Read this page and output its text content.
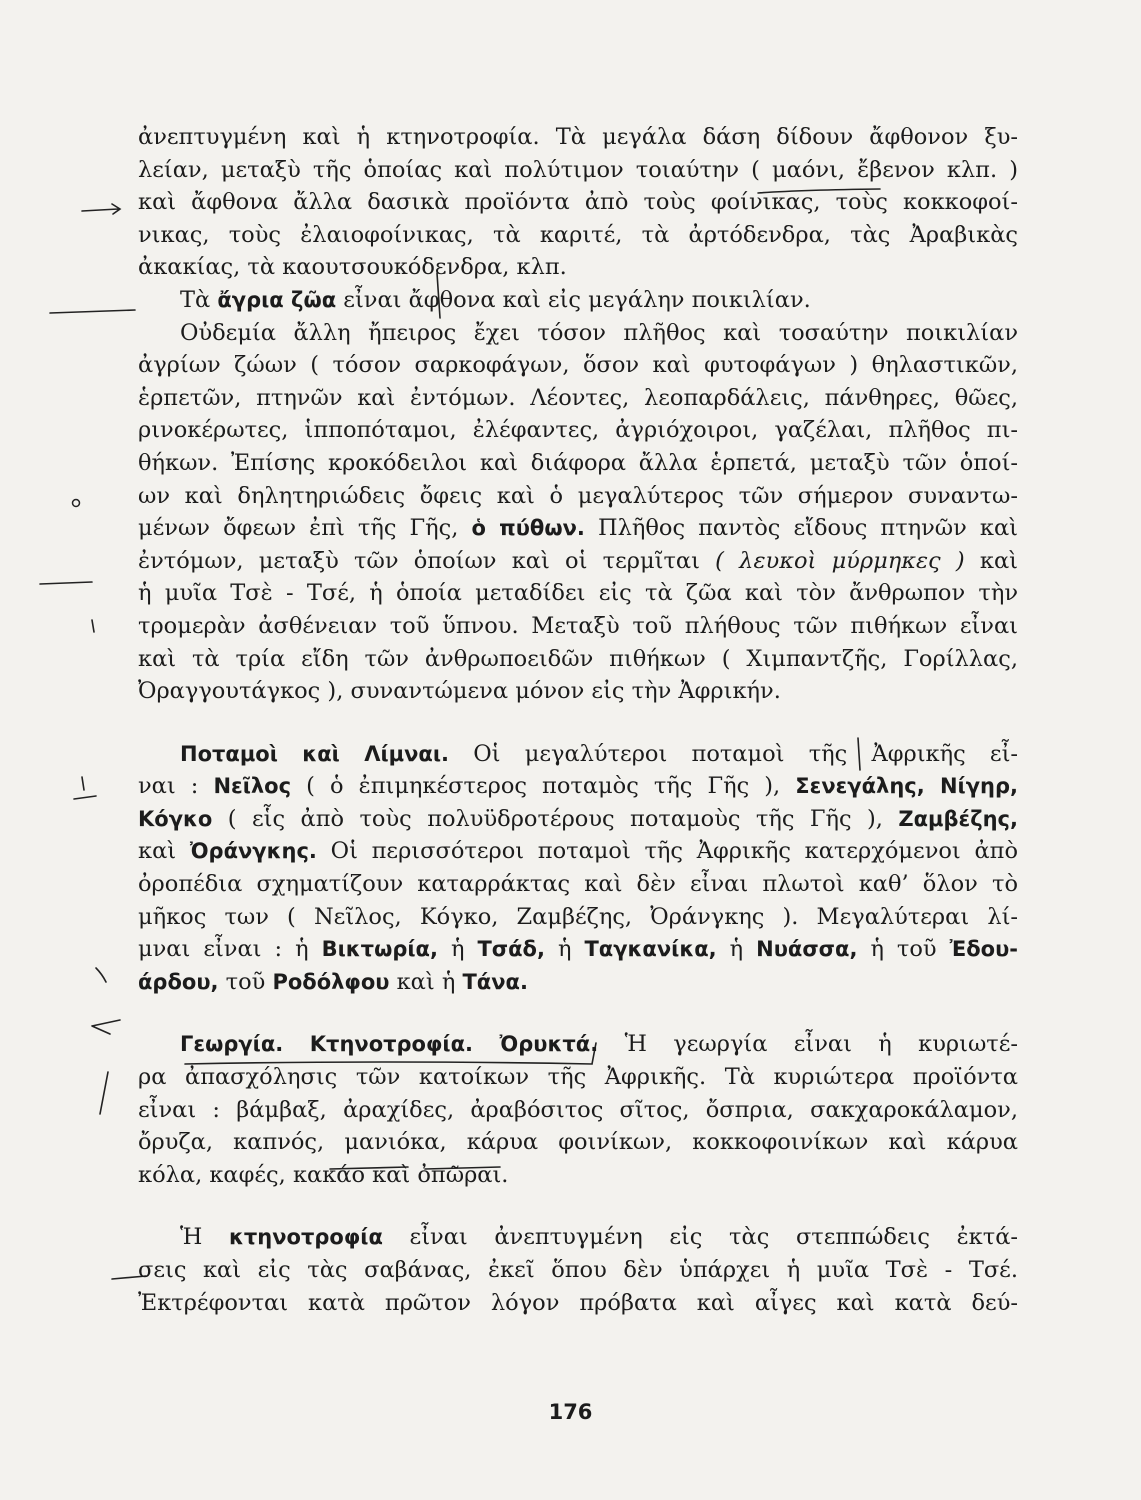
ἀνεπτυγμένη καὶ ἡ κτηνοτροφία. Τὰ μεγάλα δάση δίδουν ἄφθονον ξυ-
λείαν, μεταξὺ τῆς ὁποίας καὶ πολύτιμον τοιαύτην ( μαόνι, ἔβενον κλπ. )
καὶ ἄφθονα ἄλλα δασικὰ προϊόντα ἀπὸ τοὺς φοίνικας, τοὺς κοκκοφοί-
νικας, τοὺς ἐλαιοφοίνικας, τὰ καριτέ, τὰ ἀρτόδενδρα, τὰς Ἀραβικὰς
ἀκακίας, τὰ καουτσουκόδενδρα, κλπ.
Τὰ ἄγρια ζῶα εἶναι ἄφθονα καὶ εἰς μεγάλην ποικιλίαν.
Οὐδεμία ἄλλη ἤπειρος ἔχει τόσον πλῆθος καὶ τοσαύτην ποικιλίαν
ἀγρίων ζώων ( τόσον σαρκοφάγων, ὅσον καὶ φυτοφάγων ) θηλαστικῶν,
ἑρπετῶν, πτηνῶν καὶ ἐντόμων. Λέοντες, λεοπαρδάλεις, πάνθηρες, θῶες,
ρινοκέρωτες, ἱπποπόταμοι, ἐλέφαντες, ἀγριόχοιροι, γαζέλαι, πλῆθος πι-
θήκων. Ἐπίσης κροκόδειλοι καὶ διάφορα ἄλλα ἑρπετά, μεταξὺ τῶν ὁποί-
ων καὶ δηλητηριώδεις ὄφεις καὶ ὁ μεγαλύτερος τῶν σήμερον συναντω-
μένων ὄφεων ἐπὶ τῆς Γῆς, ὁ πύθων. Πλῆθος παντὸς εἴδους πτηνῶν καὶ
ἐντόμων, μεταξὺ τῶν ὁποίων καὶ οἱ τερμῖται ( λευκοὶ μύρμηκες ) καὶ
ἡ μυῖα Τσὲ - Τσέ, ἡ ὁποία μεταδίδει εἰς τὰ ζῶα καὶ τὸν ἄνθρωπον τὴν
τρομερὰν ἀσθένειαν τοῦ ὕπνου. Μεταξὺ τοῦ πλήθους τῶν πιθήκων εἶναι
καὶ τὰ τρία εἴδη τῶν ἀνθρωποειδῶν πιθήκων ( Χιμπαντζῆς, Γορίλλας,
Ὀραγγουτάγκος ), συναντώμενα μόνον εἰς τὴν Ἀφρικήν.
Ποταμοὶ καὶ Λίμναι. Οἱ μεγαλύτεροι ποταμοὶ τῆς Ἀφρικῆς εἶ-
ναι : Νεῖλος ( ὁ ἐπιμηκέστερος ποταμὸς τῆς Γῆς ), Σενεγάλης, Νίγηρ,
Κόγκο ( εἷς ἀπὸ τοὺς πολυϋδροτέρους ποταμοὺς τῆς Γῆς ), Ζαμβέζης,
καὶ Ὀράνγκης. Οἱ περισσότεροι ποταμοὶ τῆς Ἀφρικῆς κατερχόμενοι ἀπὸ
ὀροπέδια σχηματίζουν καταρράκτας καὶ δὲν εἶναι πλωτοὶ καθ’ ὅλον τὸ
μῆκος των ( Νεῖλος, Κόγκο, Ζαμβέζης, Ὀράνγκης ). Μεγαλύτεραι λί-
μναι εἶναι : ἡ Βικτωρία, ἡ Τσάδ, ἡ Ταγκανίκα, ἡ Νυάσσα, ἡ τοῦ Ἐδου-
άρδου, τοῦ Ροδόλφου καὶ ἡ Τάνα.
Γεωργία. Κτηνοτροφία. Ὀρυκτά. Ἡ γεωργία εἶναι ἡ κυριωτέ-
ρα ἀπασχόλησις τῶν κατοίκων τῆς Ἀφρικῆς. Τὰ κυριώτερα προϊόντα
εἶναι : βάμβαξ, ἀραχίδες, ἀραβόσιτος σῖτος, ὄσπρια, σακχαροκάλαμον,
ὄρυζα, καπνός, μανιόκα, κάρυα φοινίκων, κοκκοφοινίκων καὶ κάρυα
κόλα, καφές, κακάο καὶ ὀπῶραι.
Ἡ κτηνοτροφία εἶναι ἀνεπτυγμένη εἰς τὰς στεππώδεις ἐκτά-
σεις καὶ εἰς τὰς σαβάνας, ἐκεῖ ὅπου δὲν ὑπάρχει ἡ μυῖα Τσὲ - Τσέ.
Ἐκτρέφονται κατὰ πρῶτον λόγον πρόβατα καὶ αἶγες καὶ κατὰ δεύ-
176
